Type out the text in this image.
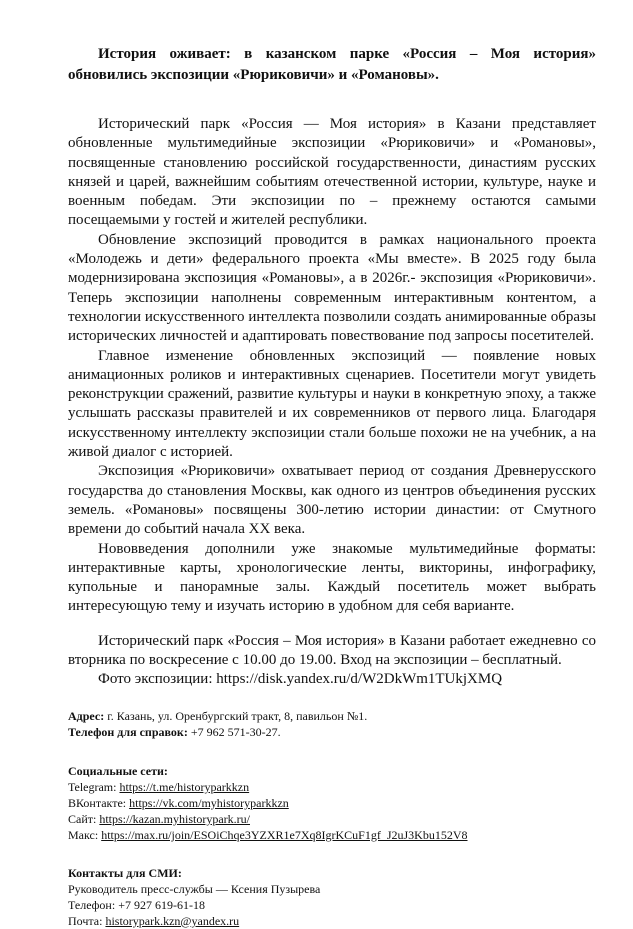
История оживает: в казанском парке «Россия – Моя история» обновились экспозиции «Рюриковичи» и «Романовы».

Исторический парк «Россия — Моя история» в Казани представляет обновленные мультимедийные экспозиции «Рюриковичи» и «Романовы», посвященные становлению российской государственности, династиям русских князей и царей, важнейшим событиям отечественной истории, культуре, науке и военным победам. Эти экспозиции по – прежнему остаются самыми посещаемыми у гостей и жителей республики.

Обновление экспозиций проводится в рамках национального проекта «Молодежь и дети» федерального проекта «Мы вместе». В 2025 году была модернизирована экспозиция «Романовы», а в 2026г.- экспозиция «Рюриковичи». Теперь экспозиции наполнены современным интерактивным контентом, а технологии искусственного интеллекта позволили создать анимированные образы исторических личностей и адаптировать повествование под запросы посетителей.

Главное изменение обновленных экспозиций — появление новых анимационных роликов и интерактивных сценариев. Посетители могут увидеть реконструкции сражений, развитие культуры и науки в конкретную эпоху, а также услышать рассказы правителей и их современников от первого лица. Благодаря искусственному интеллекту экспозиции стали больше похожи не на учебник, а на живой диалог с историей.

Экспозиция «Рюриковичи» охватывает период от создания Древнерусского государства до становления Москвы, как одного из центров объединения русских земель. «Романовы» посвящены 300-летию истории династии: от Смутного времени до событий начала XX века.

Нововведения дополнили уже знакомые мультимедийные форматы: интерактивные карты, хронологические ленты, викторины, инфографику, купольные и панорамные залы. Каждый посетитель может выбрать интересующую тему и изучать историю в удобном для себя варианте.

Исторический парк «Россия – Моя история» в Казани работает ежедневно со вторника по воскресение с 10.00 до 19.00. Вход на экспозиции – бесплатный.

Фото экспозиции: https://disk.yandex.ru/d/W2DkWm1TUkjXMQ

Адрес: г. Казань, ул. Оренбургский тракт, 8, павильон №1.

Телефон для справок: +7 962 571-30-27.

Социальные сети:

Telegram: https://t.me/historyparkkzn

ВКонтакте: https://vk.com/myhistoryparkkzn

Сайт: https://kazan.myhistorypark.ru/

Макс: https://max.ru/join/ESOiChqe3YZXR1e7Xq8IgrKCuF1gf_J2uJ3Kbu152V8

Контакты для СМИ:

Руководитель пресс-службы — Ксения Пузырева

Телефон: +7 927 619-61-18

Почта: historypark.kzn@yandex.ru
